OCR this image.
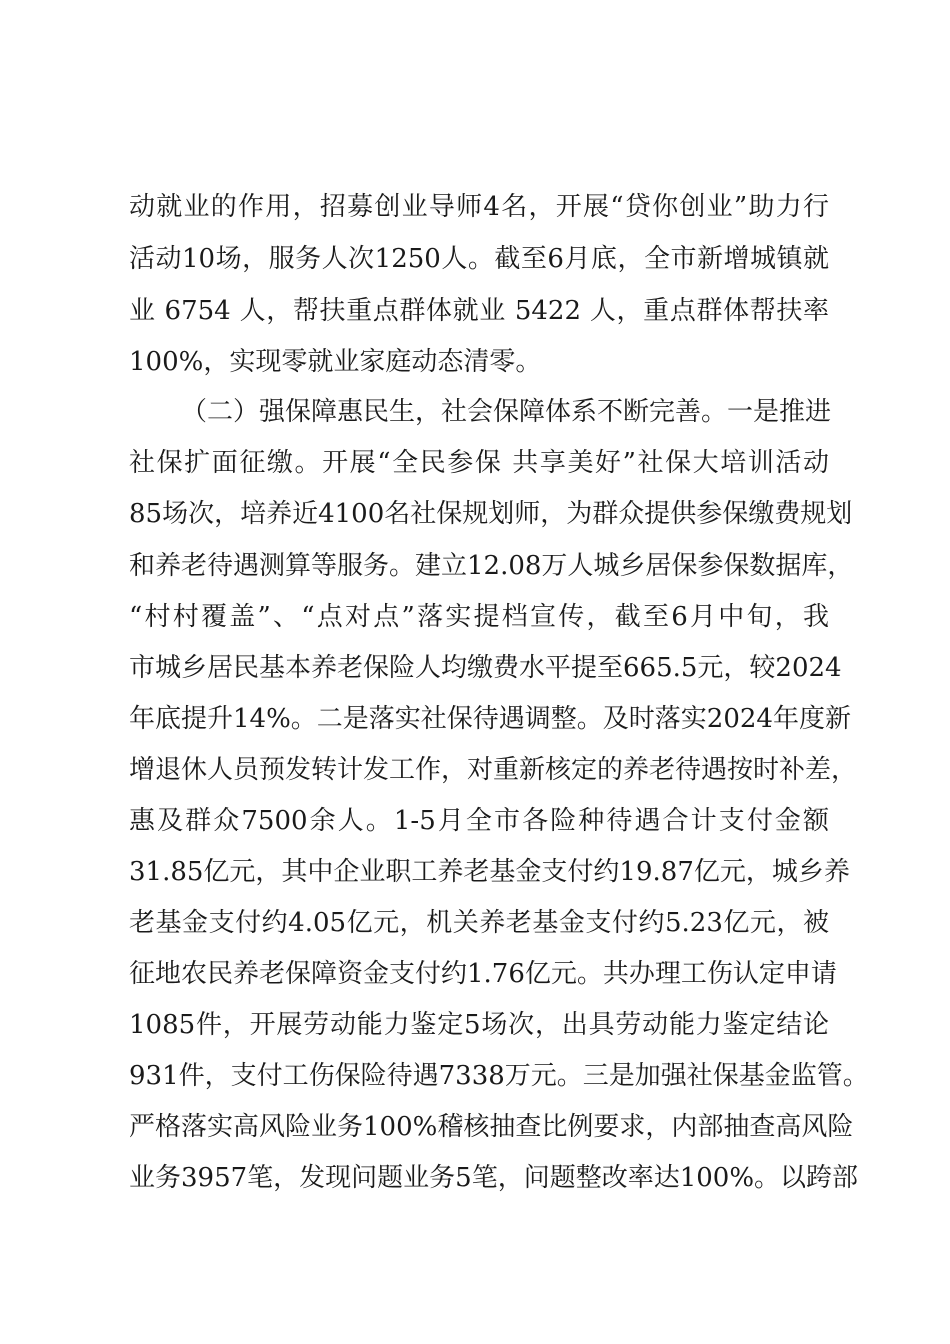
动就业的作用，招募创业导师4名，开展“贷你创业”助力行
活动10场，服务人次1250人。截至6月底，全市新增城镇就
业 6754 人，帮扶重点群体就业 5422 人，重点群体帮扶率
100%，实现零就业家庭动态清零。
（二）强保障惠民生，社会保障体系不断完善。一是推进
社保扩面征缴。开展“全民参保 共享美好”社保大培训活动
85场次，培养近4100名社保规划师，为群众提供参保缴费规划
和养老待遇测算等服务。建立12.08万人城乡居保参保数据库，
“村村覆盖”、“点对点”落实提档宣传，截至6月中旬，我
市城乡居民基本养老保险人均缴费水平提至665.5元，较2024
年底提升14%。二是落实社保待遇调整。及时落实2024年度新
增退休人员预发转计发工作，对重新核定的养老待遇按时补差，
惠及群众7500余人。1-5月全市各险种待遇合计支付金额
31.85亿元，其中企业职工养老基金支付约19.87亿元，城乡养
老基金支付约4.05亿元，机关养老基金支付约5.23亿元，被
征地农民养老保障资金支付约1.76亿元。共办理工伤认定申请
1085件，开展劳动能力鉴定5场次，出具劳动能力鉴定结论
931件，支付工伤保险待遇7338万元。三是加强社保基金监管。
严格落实高风险业务100%稽核抽查比例要求，内部抽查高风险
业务3957笔，发现问题业务5笔，问题整改率达100%。以跨部
